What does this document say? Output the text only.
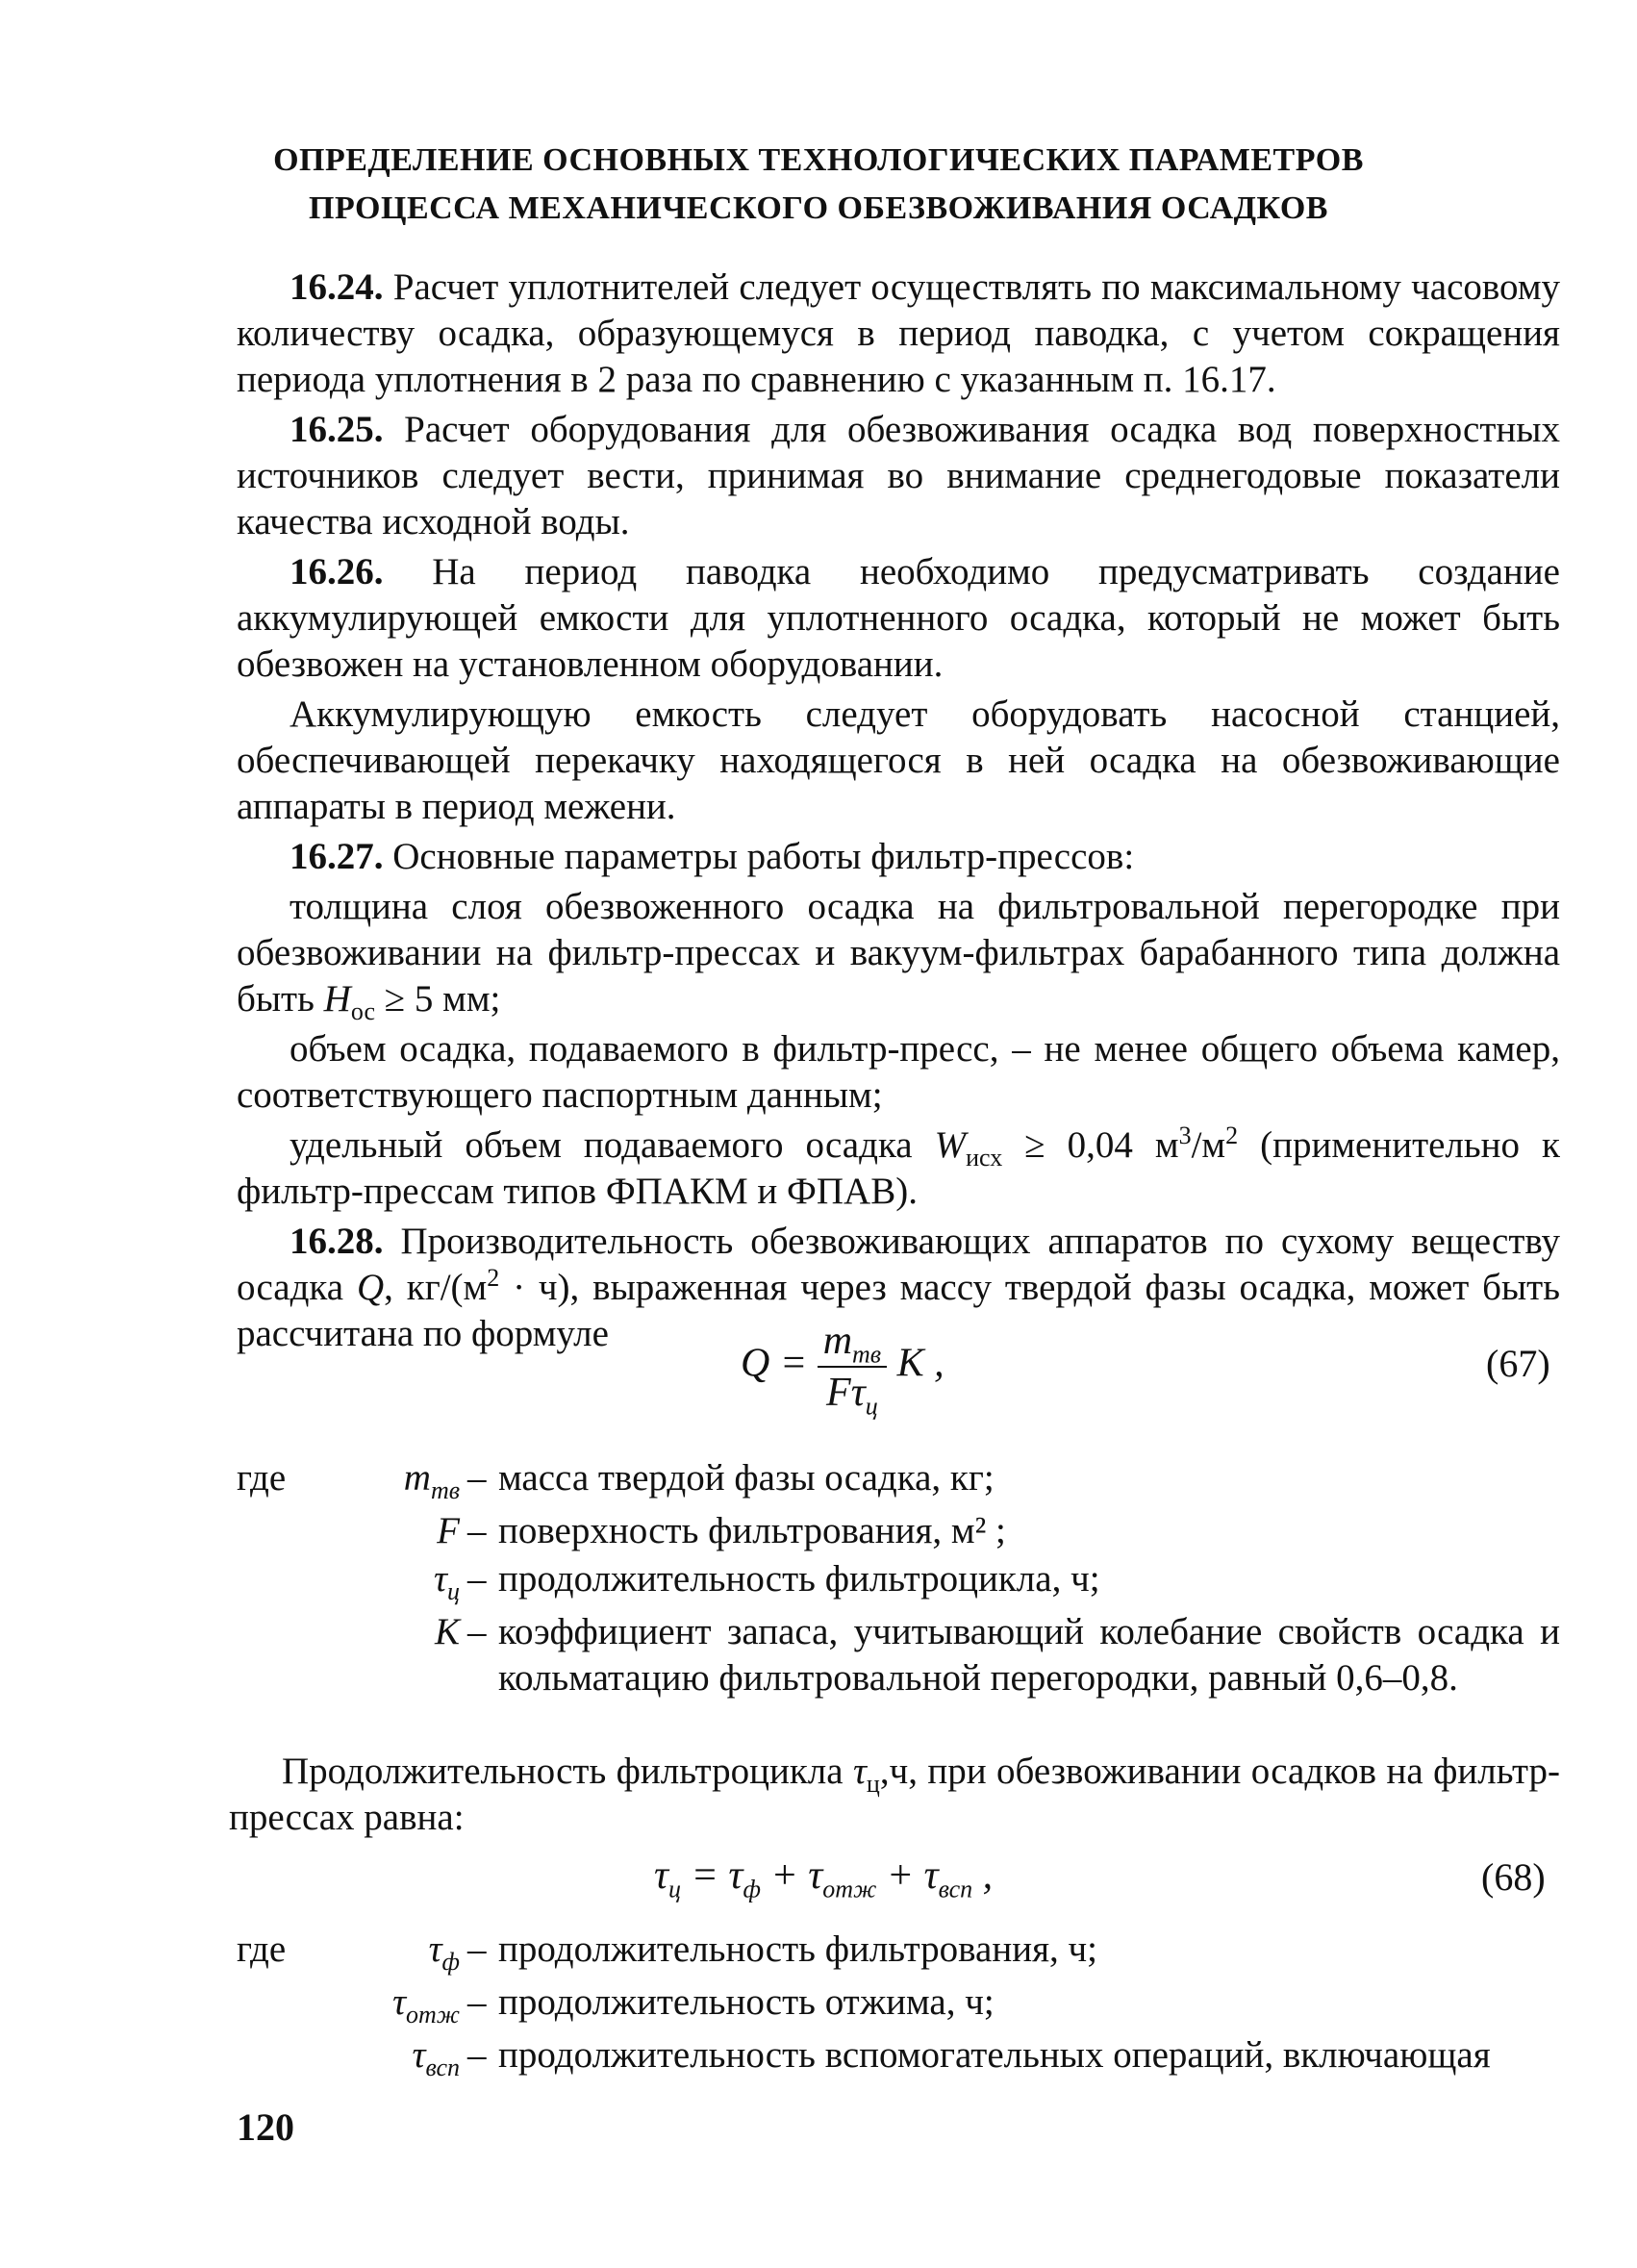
ОПРЕДЕЛЕНИЕ ОСНОВНЫХ ТЕХНОЛОГИЧЕСКИХ ПАРАМЕТРОВ
ПРОЦЕССА МЕХАНИЧЕСКОГО ОБЕЗВОЖИВАНИЯ ОСАДКОВ

16.24. Расчет уплотнителей следует осуществлять по максимальному часовому количеству осадка, образующемуся в период паводка, с учетом сокращения периода уплотнения в 2 раза по сравнению с указанным п. 16.17.

16.25. Расчет оборудования для обезвоживания осадка вод поверхностных источников следует вести, принимая во внимание среднегодовые показатели качества исходной воды.

16.26. На период паводка необходимо предусматривать создание аккумулирующей емкости для уплотненного осадка, который не может быть обезвожен на установленном оборудовании.

Аккумулирующую емкость следует оборудовать насосной станцией, обеспечивающей перекачку находящегося в ней осадка на обезвоживающие аппараты в период межени.

16.27. Основные параметры работы фильтр-прессов:

толщина слоя обезвоженного осадка на фильтровальной перегородке при обезвоживании на фильтр-прессах и вакуум-фильтрах барабанного типа должна быть $H_{ос} \ge 5$ мм;

объем осадка, подаваемого в фильтр-пресс, – не менее общего объема камер, соответствующего паспортным данным;

удельный объем подаваемого осадка $W_{исх} \ge 0,04$ $м^3/м^2$ (применительно к фильтр-прессам типов ФПАКМ и ФПАВ).

16.28. Производительность обезвоживающих аппаратов по сухому веществу осадка Q, $кг/(м^2 \cdot ч)$, выраженная через массу твердой фазы осадка, может быть рассчитана по формуле

$Q = \frac{m_{тв}}{F\tau_ц}$ K ,	(67)
где	$m_{тв}$ – масса твердой фазы осадка, кг;
F – поверхность фильтрования, м² ;
$\tau_ц$ – продолжительность фильтроцикла, ч;
K – коэффициент запаса, учитывающий колебание свойств осадка и кольматацию фильтровальной перегородки, равный 0,6–0,8.

Продолжительность фильтроцикла $\tau_ц,ч$, при обезвоживании осадков на фильтр-прессах равна:

$\tau_ц = \tau_ф + \tau_{отж} + \tau_{всп}$ ,	(68)
где	$\tau_ф$ – продолжительность фильтрования, ч;
$\tau_{отж}$ – продолжительность отжима, ч;
$\tau_{всп}$ – продолжительность вспомогательных операций, включающая
120
